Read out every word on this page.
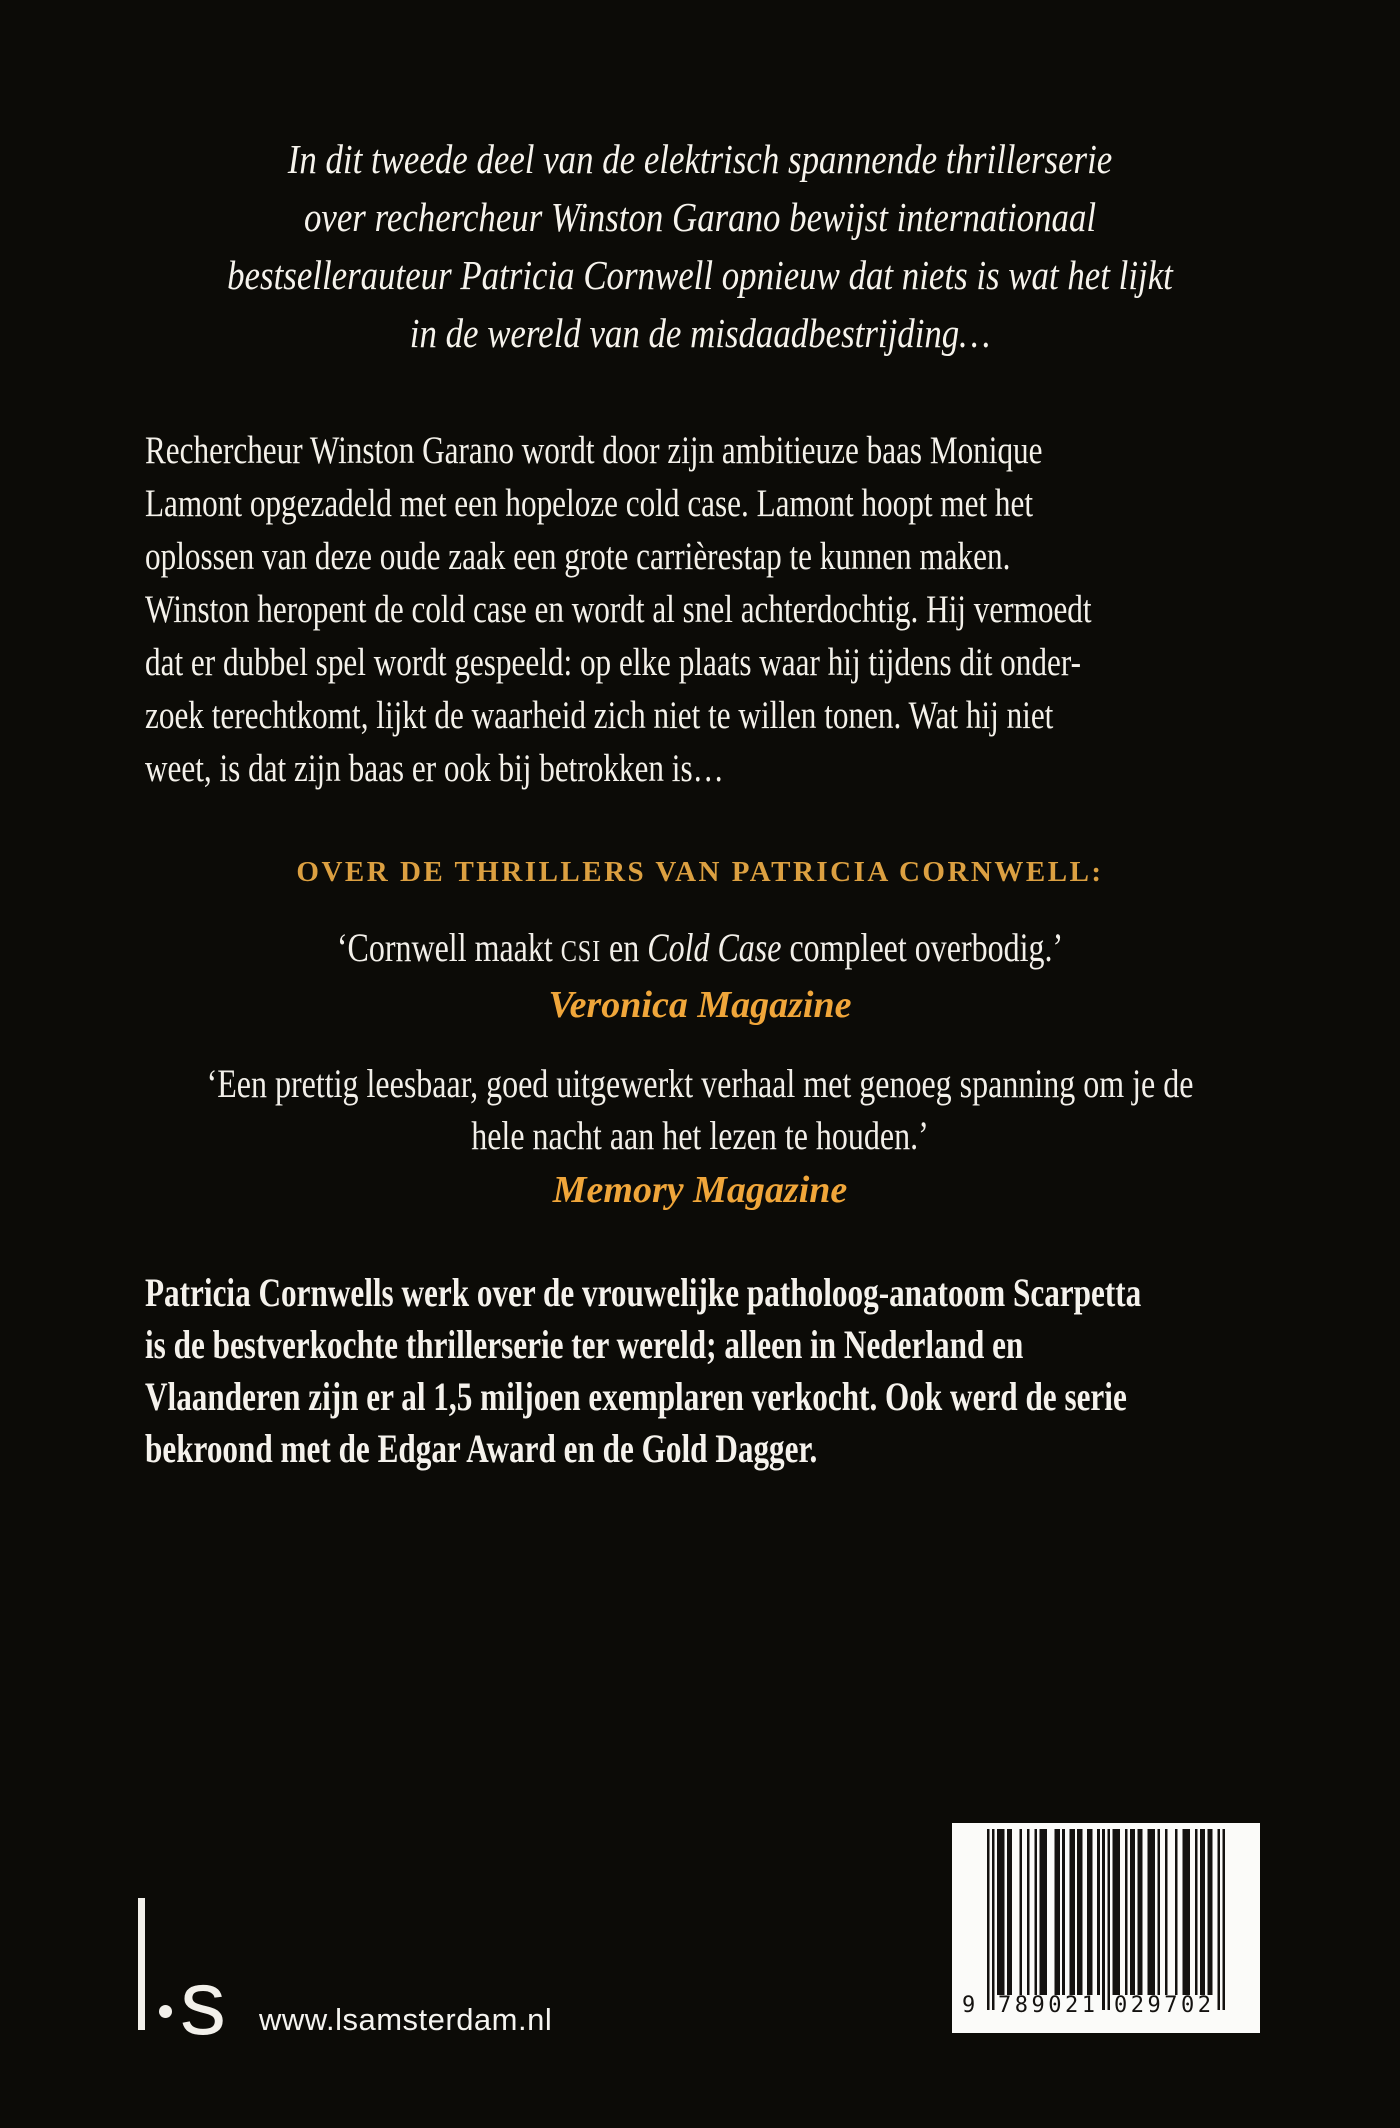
In dit tweede deel van de elektrisch spannende thrillerserie
over rechercheur Winston Garano bewijst internationaal
bestsellerauteur Patricia Cornwell opnieuw dat niets is wat het lijkt
in de wereld van de misdaadbestrijding…
Rechercheur Winston Garano wordt door zijn ambitieuze baas Monique
Lamont opgezadeld met een hopeloze cold case. Lamont hoopt met het
oplossen van deze oude zaak een grote carrièrestap te kunnen maken.
Winston heropent de cold case en wordt al snel achterdochtig. Hij vermoedt
dat er dubbel spel wordt gespeeld: op elke plaats waar hij tijdens dit onder-
zoek terechtkomt, lijkt de waarheid zich niet te willen tonen. Wat hij niet
weet, is dat zijn baas er ook bij betrokken is…
OVER DE THRILLERS VAN PATRICIA CORNWELL:
‘Cornwell maakt CSI en Cold Case compleet overbodig.’
Veronica Magazine
‘Een prettig leesbaar, goed uitgewerkt verhaal met genoeg spanning om je de
hele nacht aan het lezen te houden.’
Memory Magazine
Patricia Cornwells werk over de vrouwelijke patholoog-anatoom Scarpetta
is de bestverkochte thrillerserie ter wereld; alleen in Nederland en
Vlaanderen zijn er al 1,5 miljoen exemplaren verkocht. Ook werd de serie
bekroond met de Edgar Award en de Gold Dagger.
s www.lsamsterdam.nl	9 789021 029702
